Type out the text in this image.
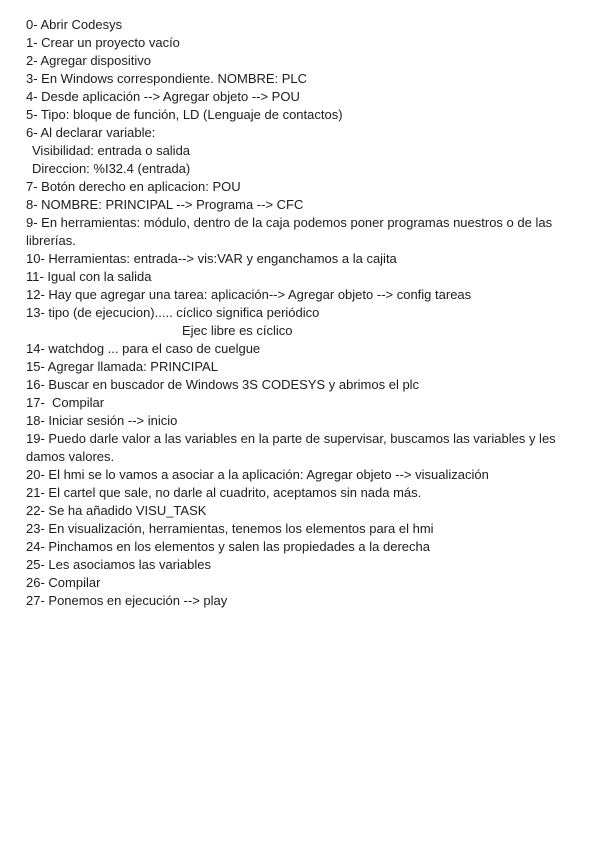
0- Abrir Codesys

1- Crear un proyecto vacío

2- Agregar dispositivo

3- En Windows correspondiente. NOMBRE: PLC

4- Desde aplicación --> Agregar objeto --> POU

5- Tipo: bloque de función, LD (Lenguaje de contactos)

6- Al declarar variable:

Visibilidad: entrada o salida

Direccion: %I32.4 (entrada)

7- Botón derecho en aplicacion: POU

8- NOMBRE: PRINCIPAL --> Programa --> CFC

9- En herramientas: módulo, dentro de la caja podemos poner programas nuestros o de las librerías.

10- Herramientas: entrada--> vis:VAR y enganchamos a la cajita

11- Igual con la salida

12- Hay que agregar una tarea: aplicación--> Agregar objeto --> config tareas

13- tipo (de ejecucion)..... cíclico significa periódico

Ejec libre es cíclico

14- watchdog ... para el caso de cuelgue

15- Agregar llamada: PRINCIPAL

16- Buscar en buscador de Windows 3S CODESYS y abrimos el plc

17-  Compilar

18- Iniciar sesión --> inicio

19- Puedo darle valor a las variables en la parte de supervisar, buscamos las variables y les damos valores.

20- El hmi se lo vamos a asociar a la aplicación: Agregar objeto --> visualización

21- El cartel que sale, no darle al cuadrito, aceptamos sin nada más.

22- Se ha añadido VISU_TASK

23- En visualización, herramientas, tenemos los elementos para el hmi

24- Pinchamos en los elementos y salen las propiedades a la derecha

25- Les asociamos las variables

26- Compilar

27- Ponemos en ejecución --> play
